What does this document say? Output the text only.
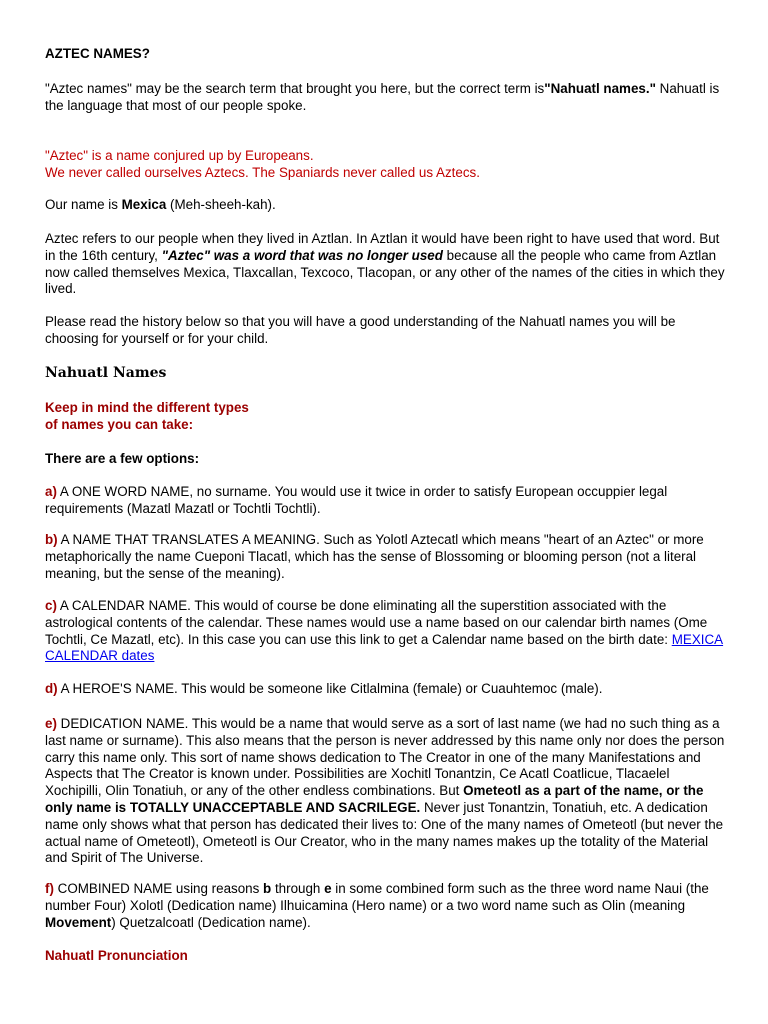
AZTEC NAMES?

"Aztec names" may be the search term that brought you here, but the correct term is"Nahuatl names." Nahuatl is the language that most of our people spoke.

"Aztec" is a name conjured up by Europeans.
We never called ourselves Aztecs. The Spaniards never called us Aztecs.

Our name is Mexica (Meh-sheeh-kah).

Aztec refers to our people when they lived in Aztlan. In Aztlan it would have been right to have used that word. But in the 16th century, "Aztec" was a word that was no longer used because all the people who came from Aztlan now called themselves Mexica, Tlaxcallan, Texcoco, Tlacopan, or any other of the names of the cities in which they lived.

Please read the history below so that you will have a good understanding of the Nahuatl names you will be choosing for yourself or for your child.

Nahuatl Names

Keep in mind the different types
of names you can take:

There are a few options:

a) A ONE WORD NAME, no surname. You would use it twice in order to satisfy European occuppier legal requirements (Mazatl Mazatl or Tochtli Tochtli).

b) A NAME THAT TRANSLATES A MEANING. Such as Yolotl Aztecatl which means "heart of an Aztec" or more metaphorically the name Cueponi Tlacatl, which has the sense of Blossoming or blooming person (not a literal meaning, but the sense of the meaning).

c) A CALENDAR NAME. This would of course be done eliminating all the superstition associated with the astrological contents of the calendar. These names would use a name based on our calendar birth names (Ome Tochtli, Ce Mazatl, etc). In this case you can use this link to get a Calendar name based on the birth date: MEXICA CALENDAR dates

d) A HEROE'S NAME. This would be someone like Citlalmina (female) or Cuauhtemoc (male).

e) DEDICATION NAME. This would be a name that would serve as a sort of last name (we had no such thing as a last name or surname). This also means that the person is never addressed by this name only nor does the person carry this name only. This sort of name shows dedication to The Creator in one of the many Manifestations and Aspects that The Creator is known under. Possibilities are Xochitl Tonantzin, Ce Acatl Coatlicue, Tlacaelel Xochipilli, Olin Tonatiuh, or any of the other endless combinations. But Ometeotl as a part of the name, or the only name is TOTALLY UNACCEPTABLE AND SACRILEGE. Never just Tonantzin, Tonatiuh, etc. A dedication name only shows what that person has dedicated their lives to: One of the many names of Ometeotl (but never the actual name of Ometeotl), Ometeotl is Our Creator, who in the many names makes up the totality of the Material and Spirit of The Universe.

f) COMBINED NAME using reasons b through e in some combined form such as the three word name Naui (the number Four) Xolotl (Dedication name) Ilhuicamina (Hero name) or a two word name such as Olin (meaning Movement) Quetzalcoatl (Dedication name).

Nahuatl Pronunciation
